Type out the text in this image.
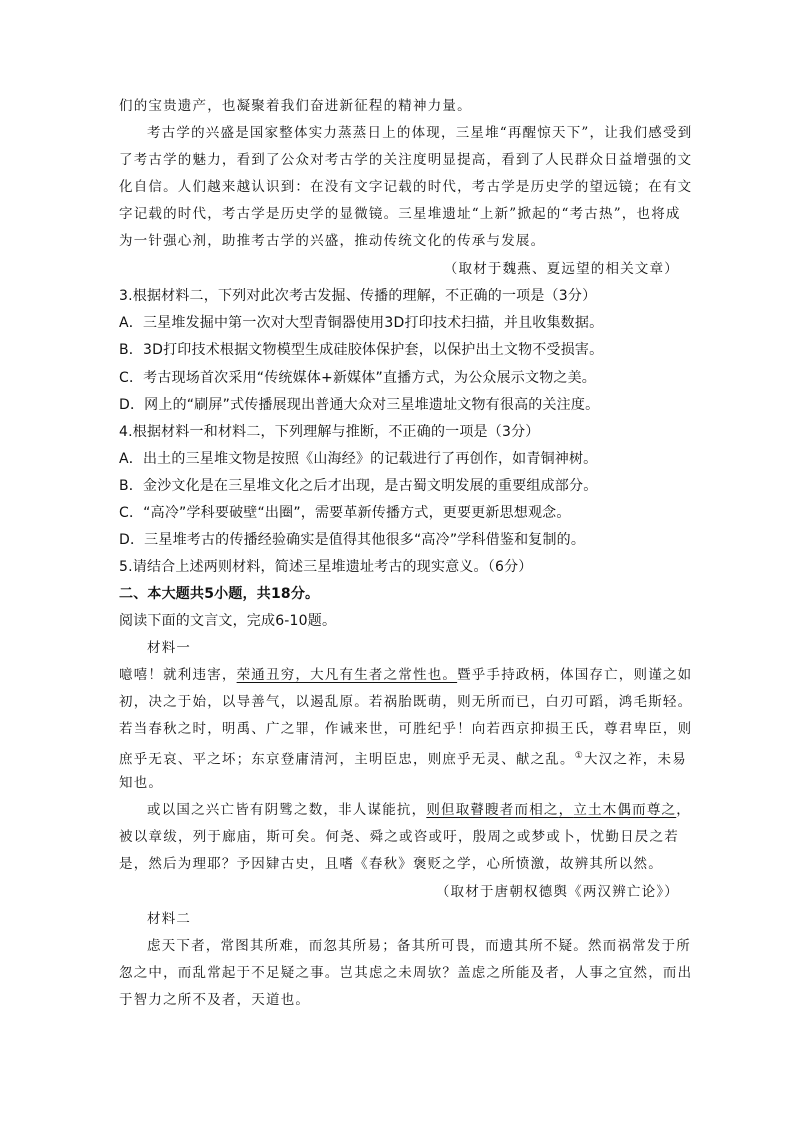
们的宝贵遗产，也凝聚着我们奋进新征程的精神力量。
考古学的兴盛是国家整体实力蒸蒸日上的体现，三星堆“再醒惊天下”，让我们感受到
了考古学的魅力，看到了公众对考古学的关注度明显提高，看到了人民群众日益增强的文
化自信。人们越来越认识到：在没有文字记载的时代，考古学是历史学的望远镜；在有文
字记载的时代，考古学是历史学的显微镜。三星堆遗址“上新”掀起的“考古热”，也将成
为一针强心剂，助推考古学的兴盛，推动传统文化的传承与发展。
（取材于魏燕、夏远望的相关文章）
3.根据材料二，下列对此次考古发掘、传播的理解，不正确的一项是（3分）
A．三星堆发掘中第一次对大型青铜器使用3D打印技术扫描，并且收集数据。
B．3D打印技术根据文物模型生成硅胶体保护套，以保护出土文物不受损害。
C．考古现场首次采用“传统媒体+新媒体”直播方式，为公众展示文物之美。
D．网上的“刷屏”式传播展现出普通大众对三星堆遗址文物有很高的关注度。
4.根据材料一和材料二，下列理解与推断，不正确的一项是（3分）
A．出土的三星堆文物是按照《山海经》的记载进行了再创作，如青铜神树。
B．金沙文化是在三星堆文化之后才出现，是古蜀文明发展的重要组成部分。
C．“高冷”学科要破壁“出圈”，需要革新传播方式，更要更新思想观念。
D．三星堆考古的传播经验确实是值得其他很多“高冷”学科借鉴和复制的。
5.请结合上述两则材料，简述三星堆遗址考古的现实意义。（6分）
二、本大题共5小题，共18分。
阅读下面的文言文，完成6-10题。
材料一
噫嘻！就利违害，荣通丑穷，大凡有生者之常性也。暨乎手持政柄，体国存亡，则谨之如
初，决之于始，以导善气，以遏乱原。若祸胎既萌，则无所而已，白刃可蹈，鸿毛斯轻。
若当春秋之时，明禹、广之罪，作诫来世，可胜纪乎！向若西京抑损王氏，尊君卑臣，则
庶乎无哀、平之坏；东京登庸清河，主明臣忠，则庶乎无灵、献之乱。①大汉之祚，未易
知也。
或以国之兴亡皆有阴骘之数，非人谋能抗，则但取瞽瞍者而相之，立土木偶而尊之，
被以章绂，列于廊庙，斯可矣。何尧、舜之或咨或吁，殷周之或梦或卜，忧勤日昃之若
是，然后为理耶？予因肄古史，且嗜《春秋》褒贬之学，心所愤激，故辨其所以然。
（取材于唐朝权德舆《两汉辨亡论》）
材料二
虑天下者，常图其所难，而忽其所易；备其所可畏，而遗其所不疑。然而祸常发于所
忽之中，而乱常起于不足疑之事。岂其虑之未周欤？盖虑之所能及者，人事之宜然，而出
于智力之所不及者，天道也。
